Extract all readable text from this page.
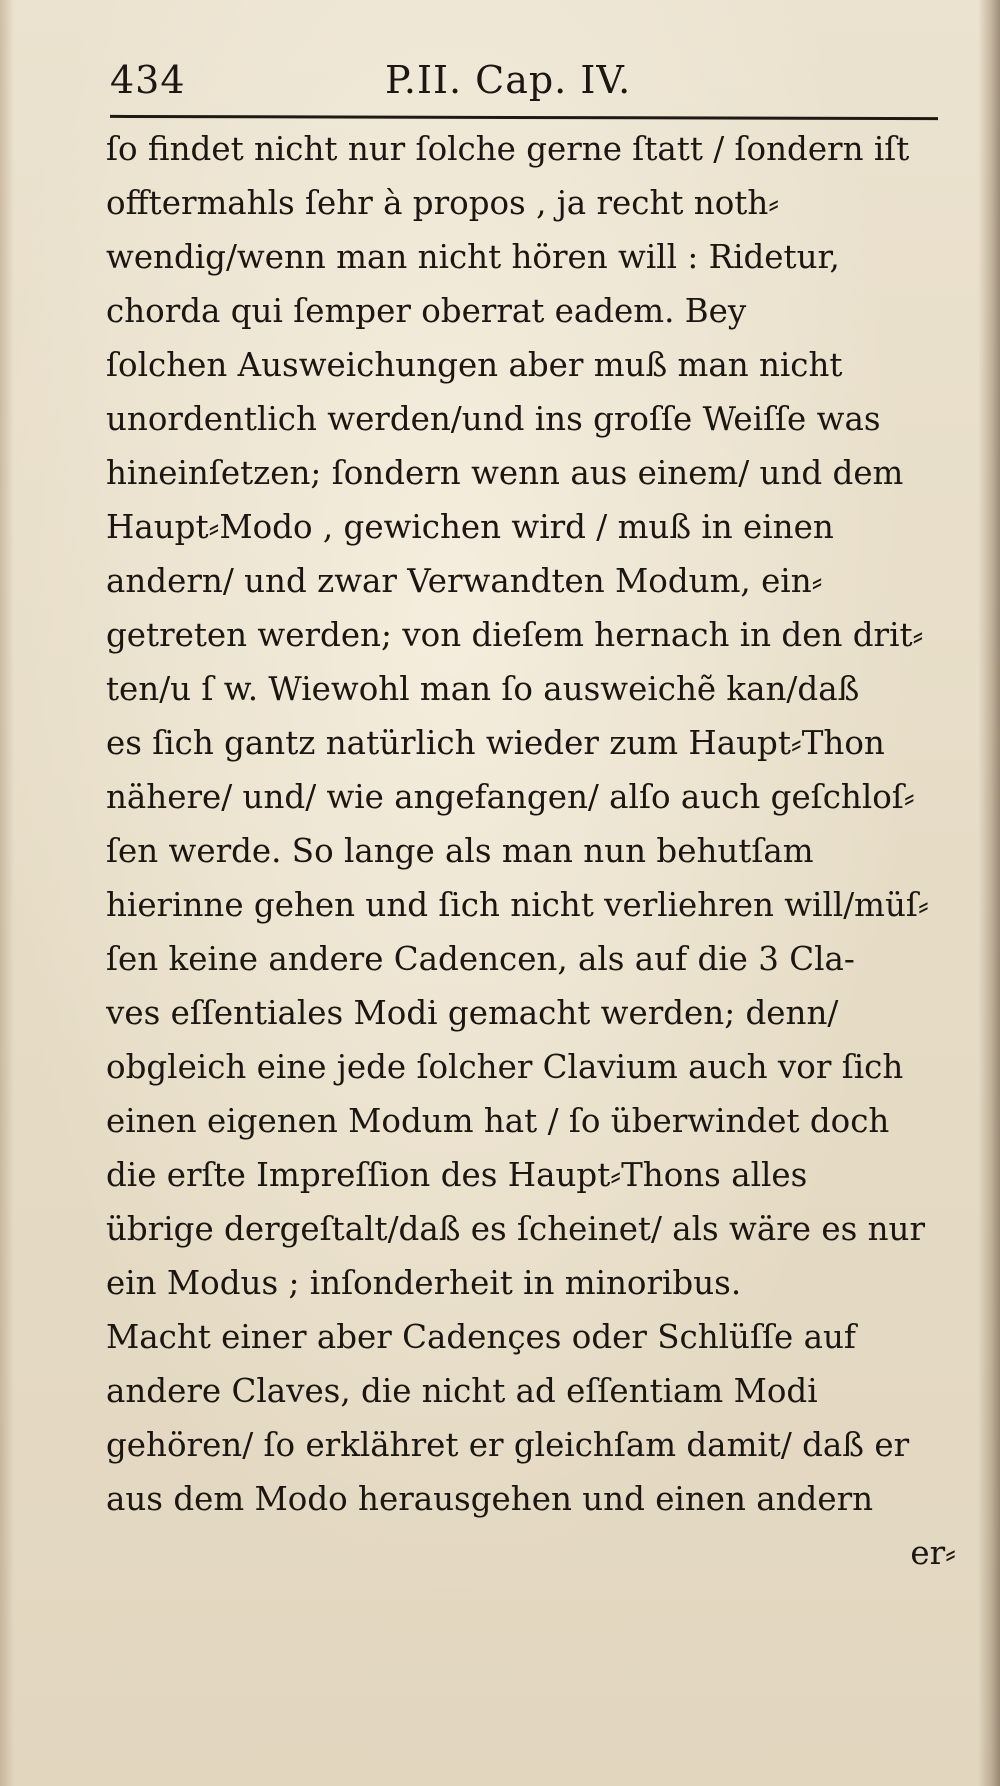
434	P.II. Cap. IV.
ſo findet nicht nur ſolche gerne ſtatt / ſondern iſt
offtermahls ſehr à propos , ja recht noth⸗
wendig/wenn man nicht hören will : Ridetur,
chorda qui ſemper oberrat eadem. Bey
ſolchen Ausweichungen aber muß man nicht
unordentlich werden/und ins groſſe Weiſſe was
hineinſetzen; ſondern wenn aus einem/ und dem
Haupt⸗Modo , gewichen wird / muß in einen
andern/ und zwar Verwandten Modum, ein⸗
getreten werden; von dieſem hernach in den drit⸗
ten/u ſ w. Wiewohl man ſo ausweichẽ kan/daß
es ſich gantz natürlich wieder zum Haupt⸗Thon
nähere/ und/ wie angefangen/ alſo auch geſchloſ⸗
ſen werde. So lange als man nun behutſam
hierinne gehen und ſich nicht verliehren will/müſ⸗
ſen keine andere Cadencen, als auf die 3 Cla-
ves eſſentiales Modi gemacht werden; denn/
obgleich eine jede ſolcher Clavium auch vor ſich
einen eigenen Modum hat / ſo überwindet doch
die erſte Impreſſion des Haupt⸗Thons alles
übrige dergeſtalt/daß es ſcheinet/ als wäre es nur
ein Modus ; inſonderheit in minoribus.
Macht einer aber Cadençes oder Schlüſſe auf
andere Claves, die nicht ad eſſentiam Modi
gehören/ ſo erklähret er gleichſam damit/ daß er
aus dem Modo herausgehen und einen andern
er⸗
